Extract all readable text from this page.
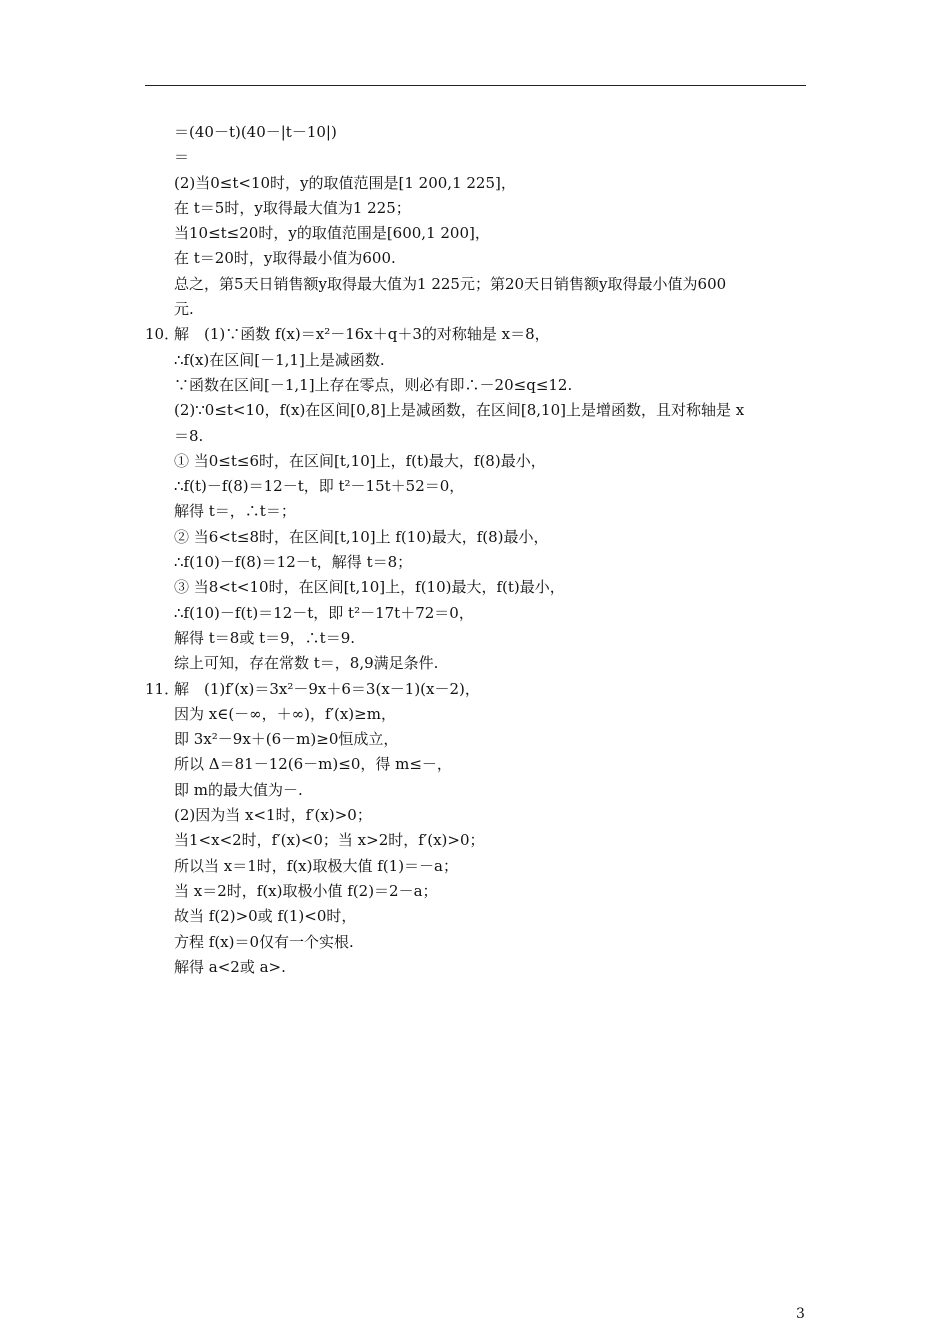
＝(40－t)(40－|t－10|)
＝
(2)当0≤t<10时，y的取值范围是[1 200,1 225]，
在 t＝5时，y取得最大值为1 225；
当10≤t≤20时，y的取值范围是[600,1 200]，
在 t＝20时，y取得最小值为600.
总之，第5天日销售额y取得最大值为1 225元；第20天日销售额y取得最小值为600
元.
10．解　(1)∵函数 f(x)＝x²－16x＋q＋3的对称轴是 x＝8，
∴f(x)在区间[－1,1]上是减函数.
∵函数在区间[－1,1]上存在零点，则必有即∴－20≤q≤12.
(2)∵0≤t<10，f(x)在区间[0,8]上是减函数，在区间[8,10]上是增函数，且对称轴是 x
＝8.
① 当0≤t≤6时，在区间[t,10]上，f(t)最大，f(8)最小，
∴f(t)－f(8)＝12－t，即 t²－15t＋52＝0，
解得 t＝，∴t＝；
② 当6<t≤8时，在区间[t,10]上 f(10)最大，f(8)最小，
∴f(10)－f(8)＝12－t，解得 t＝8；
③ 当8<t<10时，在区间[t,10]上，f(10)最大，f(t)最小，
∴f(10)－f(t)＝12－t，即 t²－17t＋72＝0，
解得 t＝8或 t＝9，∴t＝9.
综上可知，存在常数 t＝，8,9满足条件.
11．解　(1)f′(x)＝3x²－9x＋6＝3(x－1)(x－2)，
因为 x∈(－∞，＋∞)，f′(x)≥m，
即 3x²－9x＋(6－m)≥0恒成立，
所以 Δ＝81－12(6－m)≤0，得 m≤－，
即 m的最大值为－.
(2)因为当 x<1时，f′(x)>0；
当1<x<2时，f′(x)<0；当 x>2时，f′(x)>0；
所以当 x＝1时，f(x)取极大值 f(1)＝－a；
当 x＝2时，f(x)取极小值 f(2)＝2－a；
故当 f(2)>0或 f(1)<0时，
方程 f(x)＝0仅有一个实根.
解得 a<2或 a>.
3
